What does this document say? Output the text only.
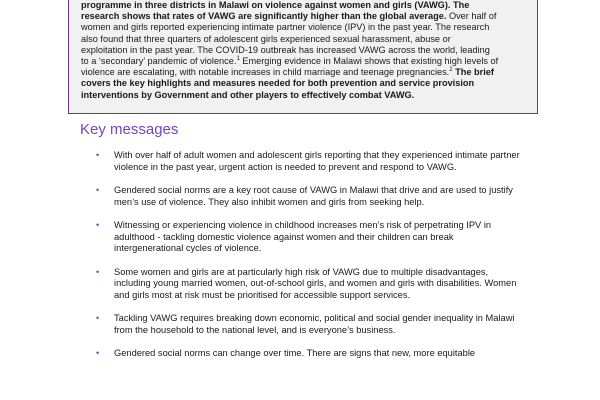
programme in three districts in Malawi on violence against women and girls (VAWG). The
research shows that rates of VAWG are significantly higher than the global average. Over half of
women and girls reported experiencing intimate partner violence (IPV) in the past year. The research
also found that three quarters of adolescent girls experienced sexual harassment, abuse or
exploitation in the past year. The COVID-19 outbreak has increased VAWG across the world, leading
to a ‘secondary’ pandemic of violence.$^1$ Emerging evidence in Malawi shows that existing high levels of
violence are escalating, with notable increases in child marriage and teenage pregnancies.$^2$ The brief
covers the key highlights and measures needed for both prevention and service provision
interventions by Government and other players to effectively combat VAWG.

Key messages
• With over half of adult women and adolescent girls reporting that they experienced intimate partner violence in the past year, urgent action is needed to prevent and respond to VAWG.
• Gendered social norms are a key root cause of VAWG in Malawi that drive and are used to justify men’s use of violence. They also inhibit women and girls from seeking help.
• Witnessing or experiencing violence in childhood increases men’s risk of perpetrating IPV in adulthood - tackling domestic violence against women and their children can break intergenerational cycles of violence.
• Some women and girls are at particularly high risk of VAWG due to multiple disadvantages, including young married women, out-of-school girls, and women and girls with disabilities. Women and girls most at risk must be prioritised for accessible support services.
• Tackling VAWG requires breaking down economic, political and social gender inequality in Malawi from the household to the national level, and is everyone’s business.
• Gendered social norms can change over time. There are signs that new, more equitable
